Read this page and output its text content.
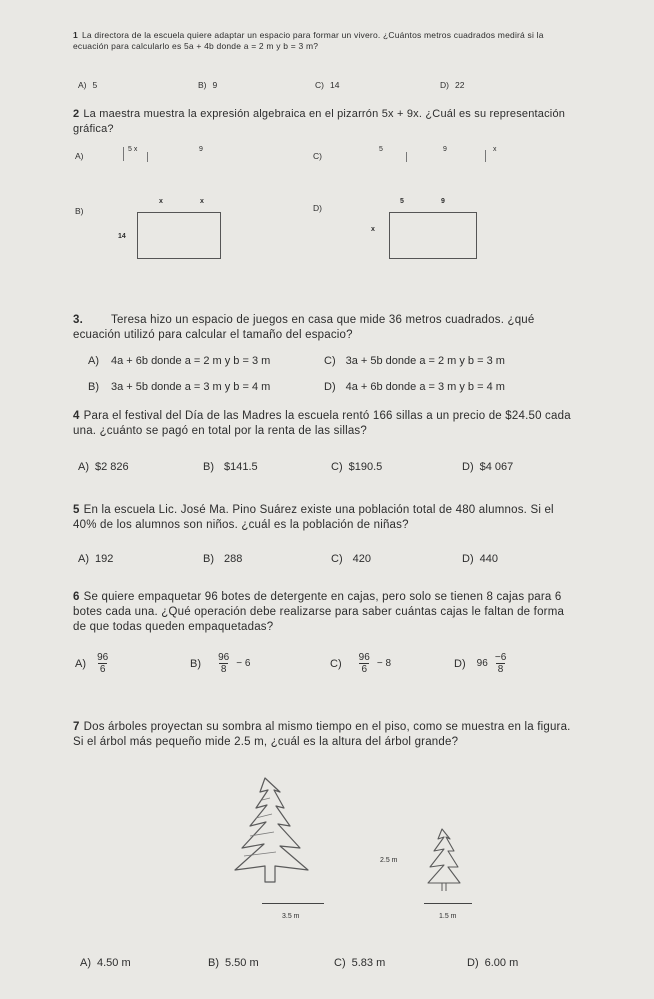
1 La directora de la escuela quiere adaptar un espacio para formar un vivero. ¿Cuántos metros cuadrados medirá si la ecuación para calcularlo es 5a + 4b donde a = 2 m y b = 3 m?
A) 5	B) 9	C) 14	D) 22
2 La maestra muestra la expresión algebraica en el pizarrón 5x + 9x. ¿Cuál es su representación gráfica?
A)
5 x	9
C)
5	9	x
B)
x	x
14
D)
5	9
x
3. Teresa hizo un espacio de juegos en casa que mide 36 metros cuadrados. ¿qué ecuación utilizó para calcular el tamaño del espacio?
A) 4a + 6b donde a = 2 m y b = 3 m	C) 3a + 5b donde a = 2 m y b = 3 m
B) 3a + 5b donde a = 3 m y b = 4 m	D) 4a + 6b donde a = 3 m y b = 4 m
4 Para el festival del Día de las Madres la escuela rentó 166 sillas a un precio de $24.50 cada una. ¿cuánto se pagó en total por la renta de las sillas?
A) $2 826	B) $141.5	C) $190.5	D) $4 067
5 En la escuela Lic. José Ma. Pino Suárez existe una población total de 480 alumnos. Si el 40% de los alumnos son niños. ¿cuál es la población de niñas?
A) 192	B) 288	C) 420	D) 440
6 Se quiere empaquetar 96 botes de detergente en cajas, pero solo se tienen 8 cajas para 6 botes cada una. ¿Qué operación debe realizarse para saber cuántas cajas le faltan de forma de que todas queden empaquetadas?
$A) \frac{96}{6}$	$B) \frac{96}{8} - 6$	$C) \frac{96}{6} - 8$	D) $96 \frac{-6}{8}$
7 Dos árboles proyectan su sombra al mismo tiempo en el piso, como se muestra en la figura. Si el árbol más pequeño mide 2.5 m, ¿cuál es la altura del árbol grande?
3.5 m
2.5 m
1.5 m
A) 4.50 m	B) 5.50 m	C) 5.83 m	D) 6.00 m
